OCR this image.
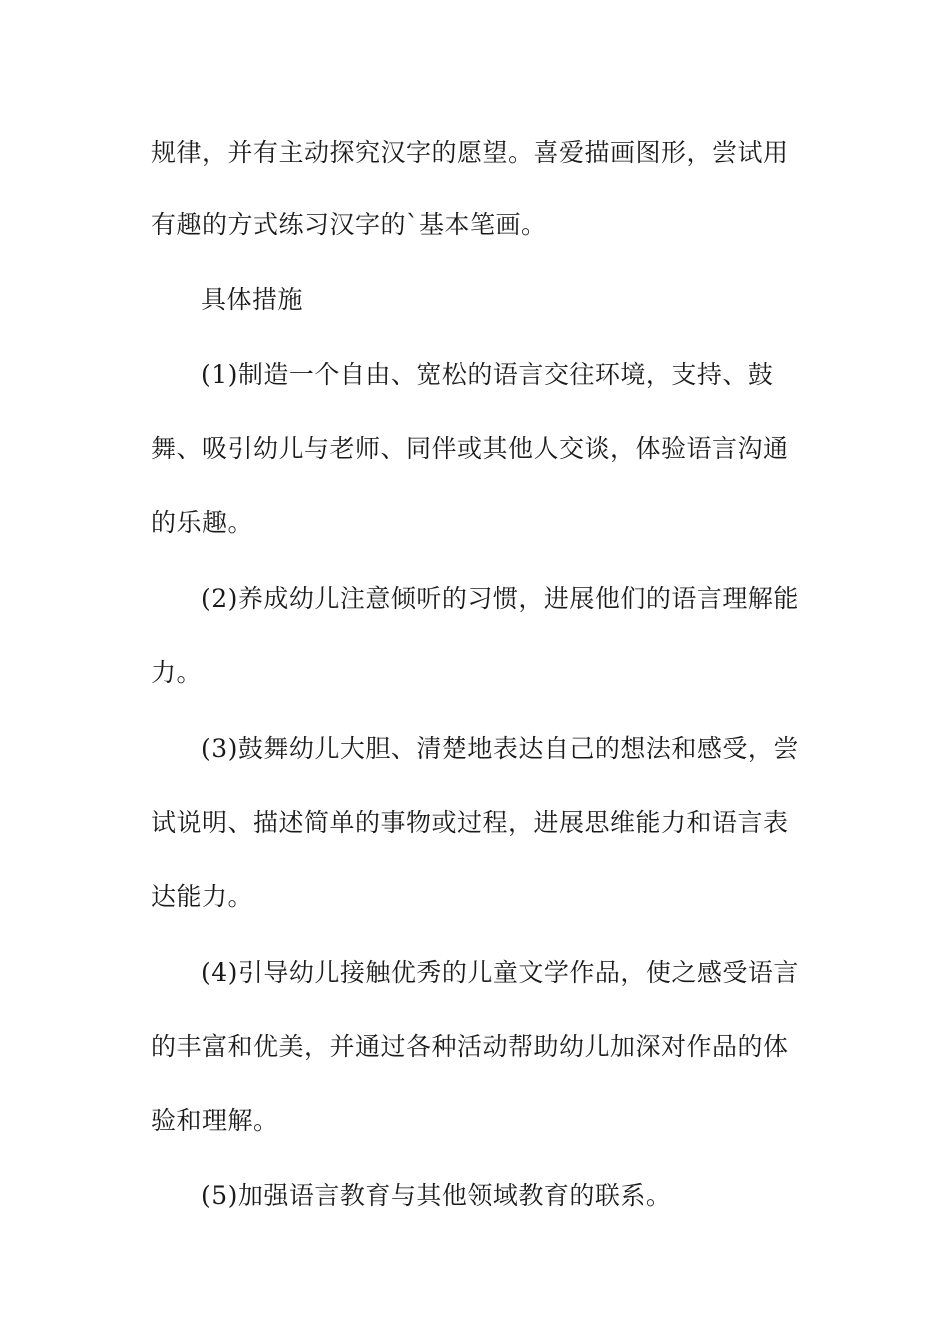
规律，并有主动探究汉字的愿望。喜爱描画图形，尝试用
有趣的方式练习汉字的`基本笔画。
具体措施
(1)制造一个自由、宽松的语言交往环境，支持、鼓
舞、吸引幼儿与老师、同伴或其他人交谈，体验语言沟通
的乐趣。
(2)养成幼儿注意倾听的习惯，进展他们的语言理解能
力。
(3)鼓舞幼儿大胆、清楚地表达自己的想法和感受，尝
试说明、描述简单的事物或过程，进展思维能力和语言表
达能力。
(4)引导幼儿接触优秀的儿童文学作品，使之感受语言
的丰富和优美，并通过各种活动帮助幼儿加深对作品的体
验和理解。
(5)加强语言教育与其他领域教育的联系。
